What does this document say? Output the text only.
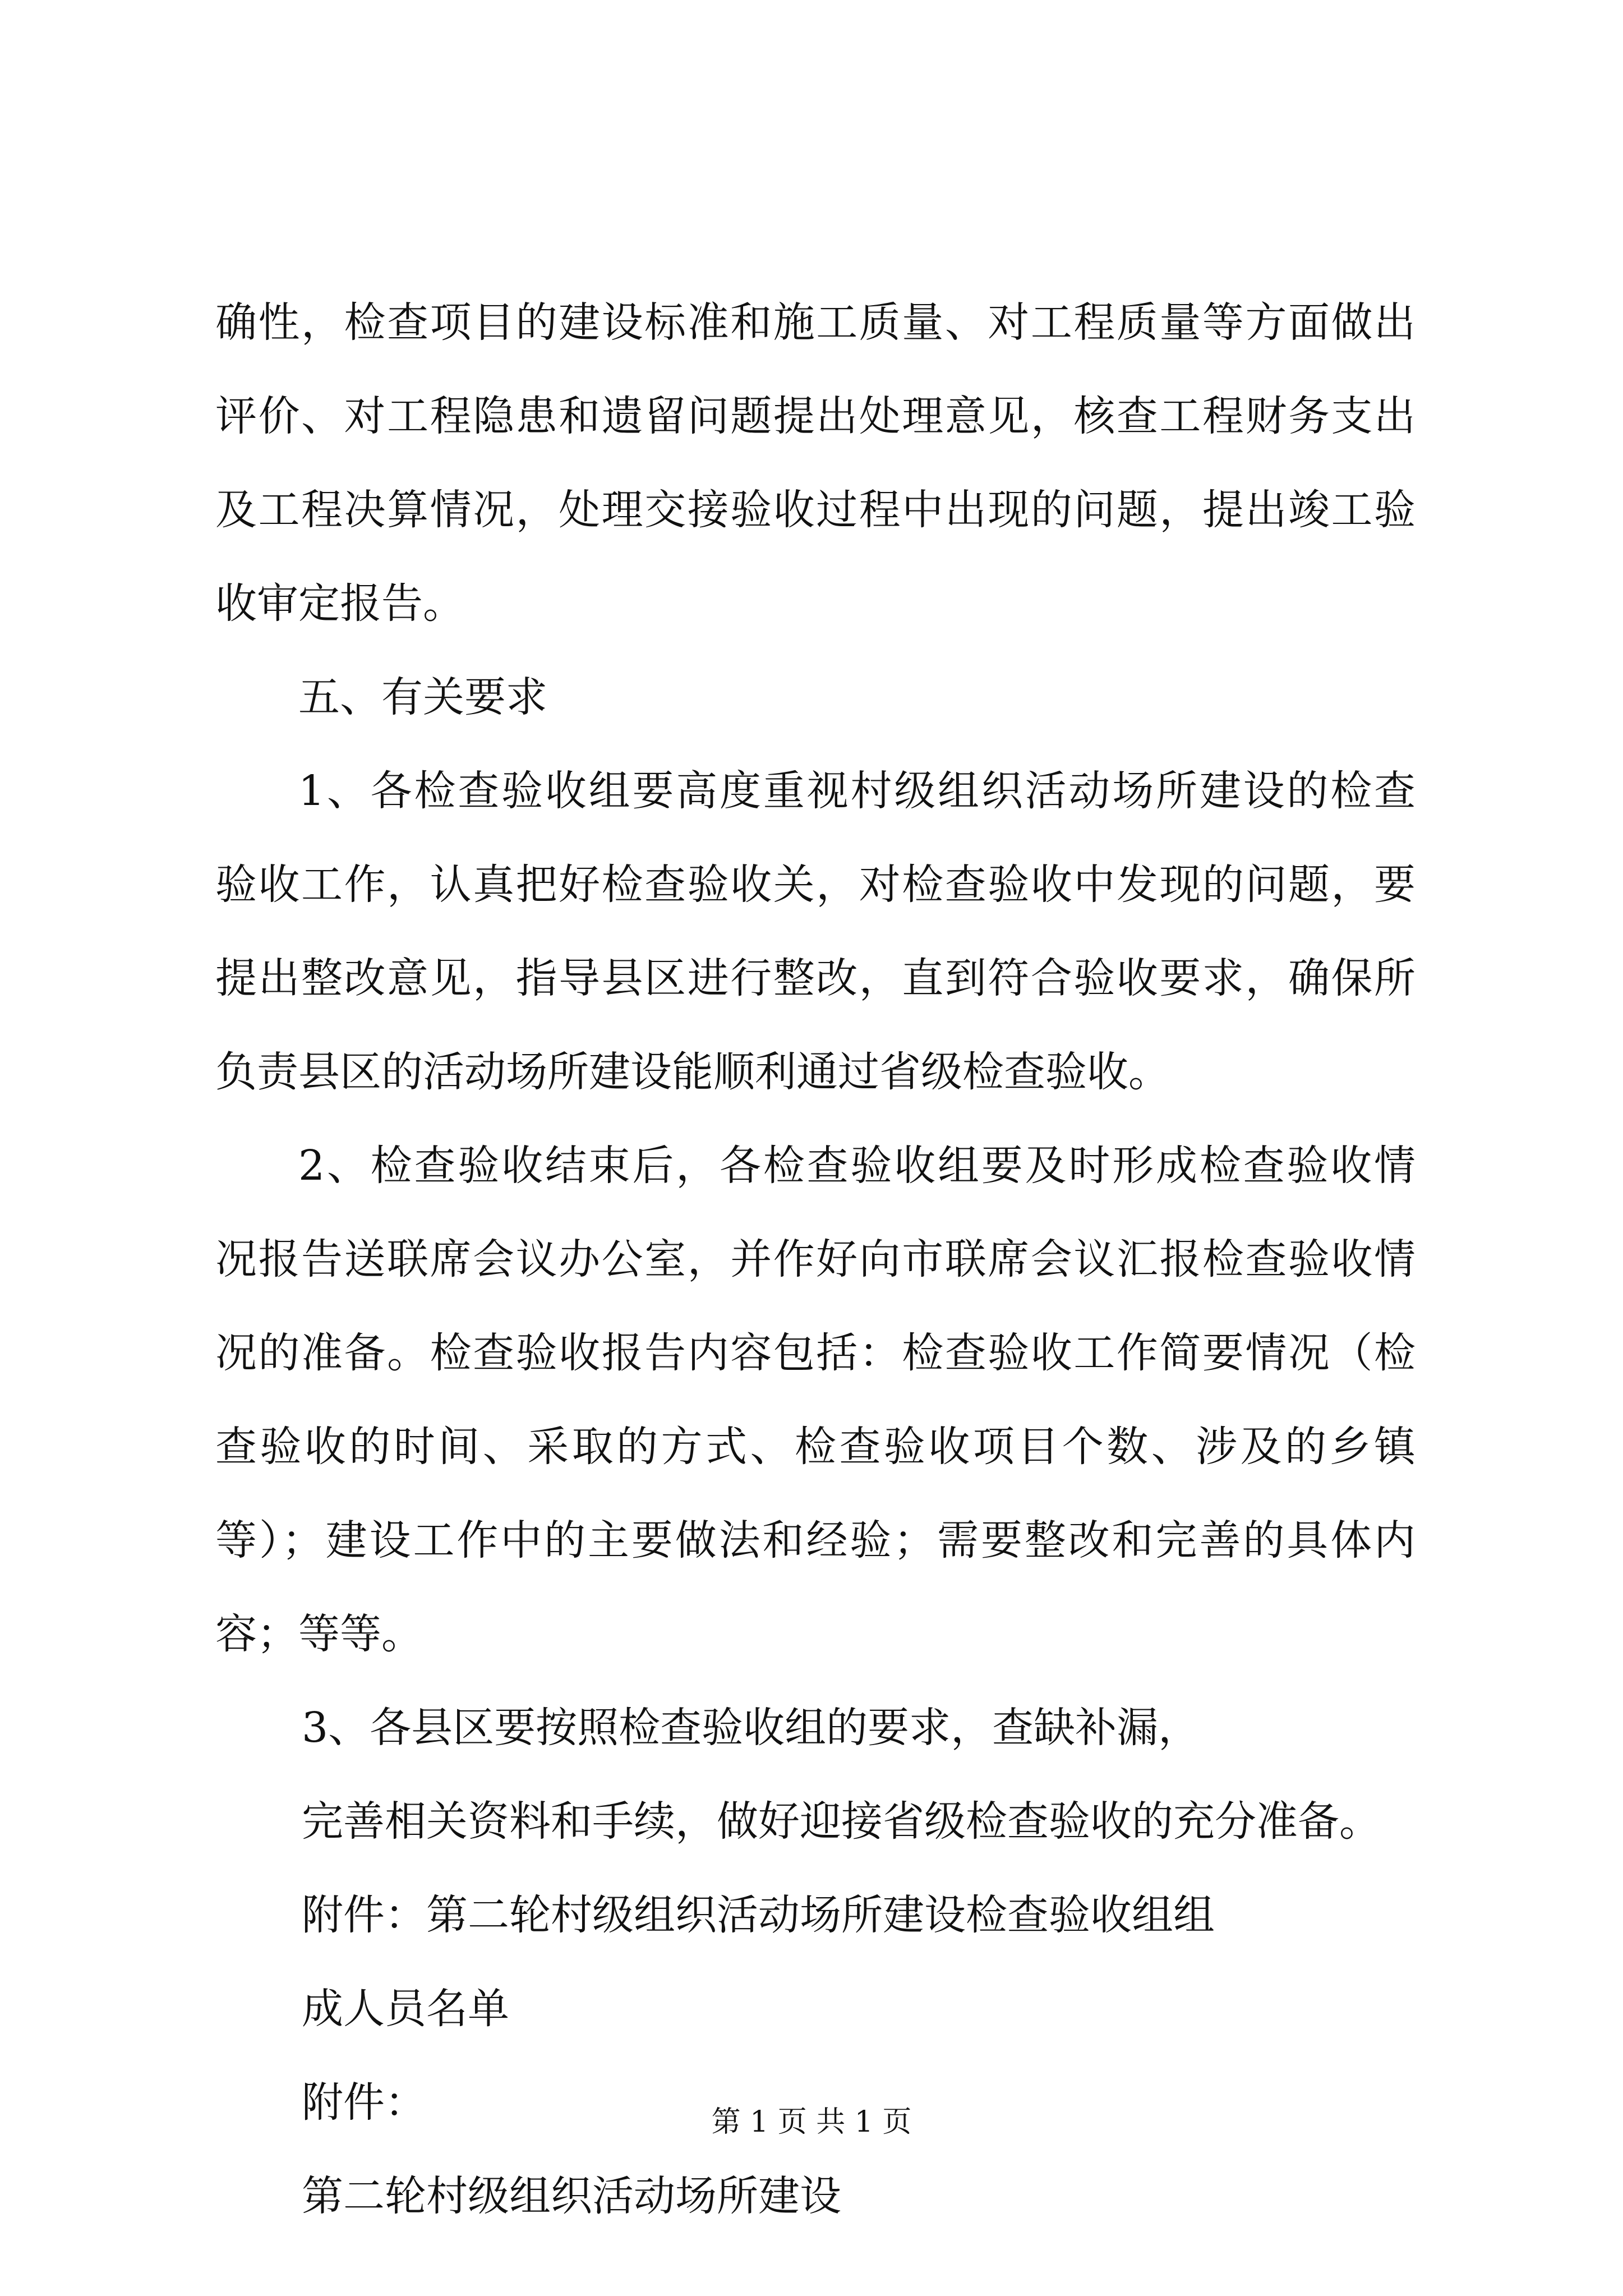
确性，检查项目的建设标准和施工质量、对工程质量等方面做出
评价、对工程隐患和遗留问题提出处理意见，核查工程财务支出
及工程决算情况，处理交接验收过程中出现的问题，提出竣工验
收审定报告。
五、有关要求
1、各检查验收组要高度重视村级组织活动场所建设的检查
验收工作，认真把好检查验收关，对检查验收中发现的问题，要
提出整改意见，指导县区进行整改，直到符合验收要求，确保所
负责县区的活动场所建设能顺利通过省级检查验收。
2、检查验收结束后，各检查验收组要及时形成检查验收情
况报告送联席会议办公室，并作好向市联席会议汇报检查验收情
况的准备。检查验收报告内容包括：检查验收工作简要情况（检
查验收的时间、采取的方式、检查验收项目个数、涉及的乡镇
等）；建设工作中的主要做法和经验；需要整改和完善的具体内
容；等等。
3、各县区要按照检查验收组的要求，查缺补漏，
完善相关资料和手续，做好迎接省级检查验收的充分准备。
附件：第二轮村级组织活动场所建设检查验收组组
成人员名单
附件：
第二轮村级组织活动场所建设
第 1 页 共 1 页
